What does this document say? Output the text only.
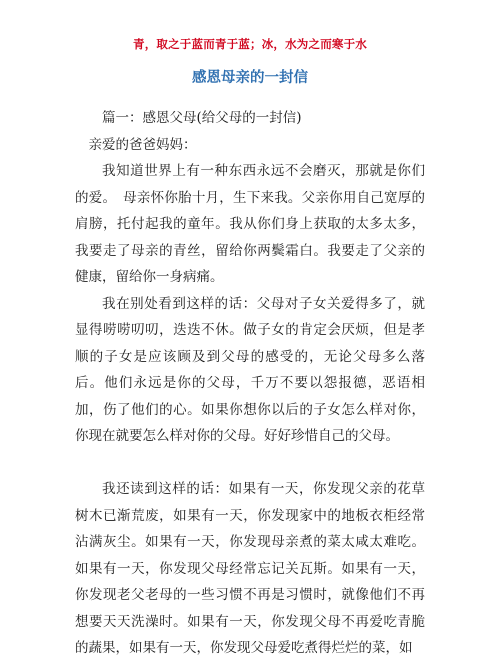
青，取之于蓝而青于蓝；冰，水为之而寒于水
感恩母亲的一封信

篇一：感恩父母(给父母的一封信)

亲爱的爸爸妈妈：

我知道世界上有一种东西永远不会磨灭，那就是你们的爱。　母亲怀你胎十月，生下来我。父亲你用自己宽厚的肩膀，托付起我的童年。我从你们身上获取的太多太多，我要走了母亲的青丝，留给你两鬓霜白。我要走了父亲的健康，留给你一身病痛。

我在别处看到这样的话：父母对子女关爱得多了，就显得唠唠叨叨，迭迭不休。做子女的肯定会厌烦，但是孝顺的子女是应该顾及到父母的感受的，无论父母多么落后。他们永远是你的父母，千万不要以怨报德，恶语相加，伤了他们的心。如果你想你以后的子女怎么样对你，你现在就要怎么样对你的父母。好好珍惜自己的父母。

我还读到这样的话：如果有一天，你发现父亲的花草树木已渐荒废，如果有一天，你发现家中的地板衣柜经常沾满灰尘。如果有一天，你发现母亲煮的菜太咸太难吃。如果有一天，你发现父母经常忘记关瓦斯。如果有一天，你发现老父老母的一些习惯不再是习惯时，就像他们不再想要天天洗澡时。如果有一天，你发现父母不再爱吃青脆的蔬果，如果有一天，你发现父母爱吃煮得烂烂的菜，如
